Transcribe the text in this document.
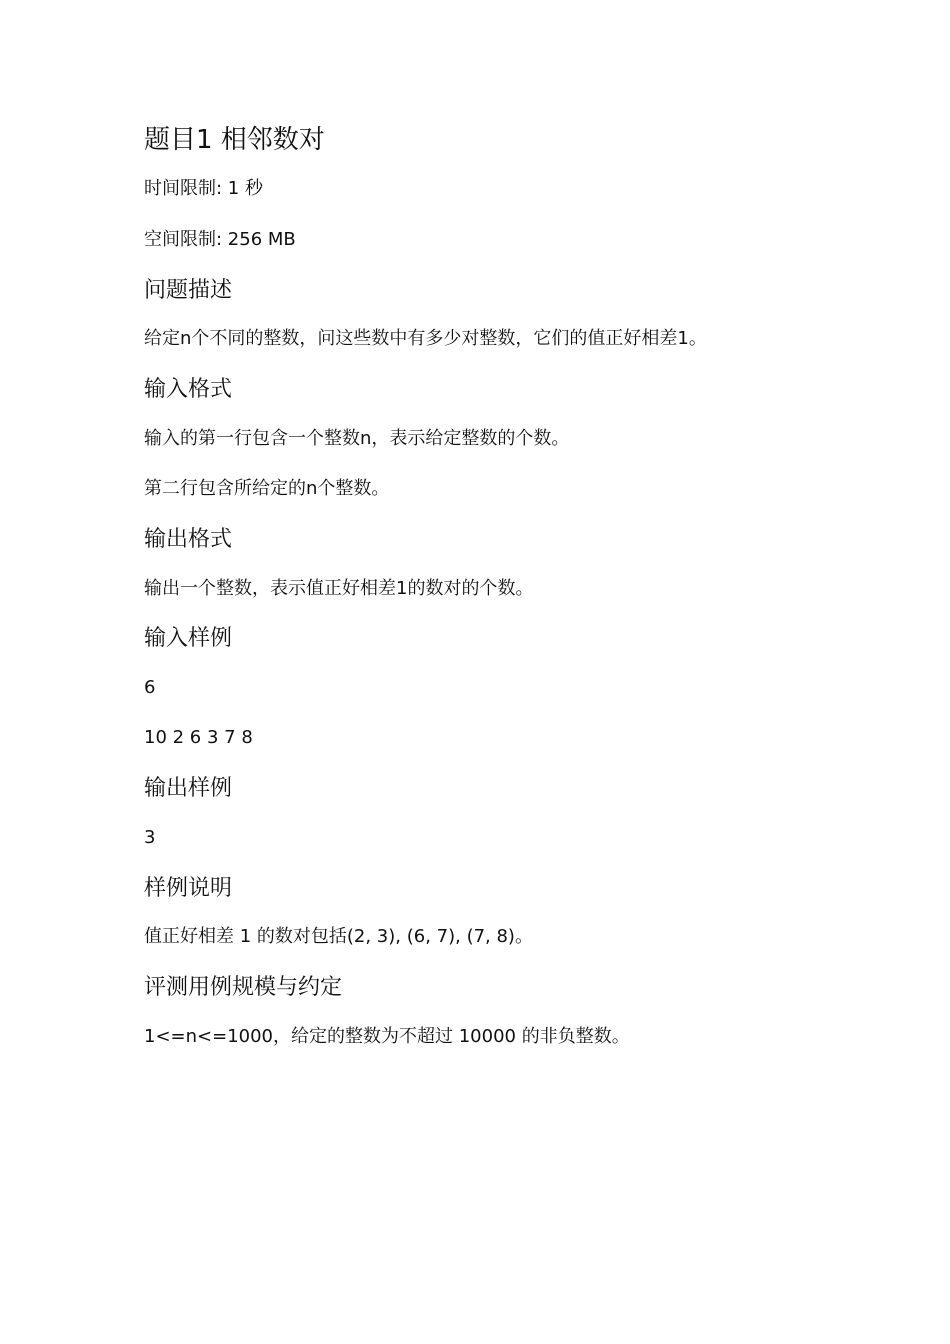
题目1 相邻数对

时间限制: 1 秒

空间限制: 256 MB

问题描述

给定n个不同的整数，问这些数中有多少对整数，它们的值正好相差1。

输入格式

输入的第一行包含一个整数n，表示给定整数的个数。

第二行包含所给定的n个整数。

输出格式

输出一个整数，表示值正好相差1的数对的个数。

输入样例

6

10 2 6 3 7 8

输出样例

3

样例说明

值正好相差 1 的数对包括(2, 3), (6, 7), (7, 8)。

评测用例规模与约定

1<=n<=1000，给定的整数为不超过 10000 的非负整数。
